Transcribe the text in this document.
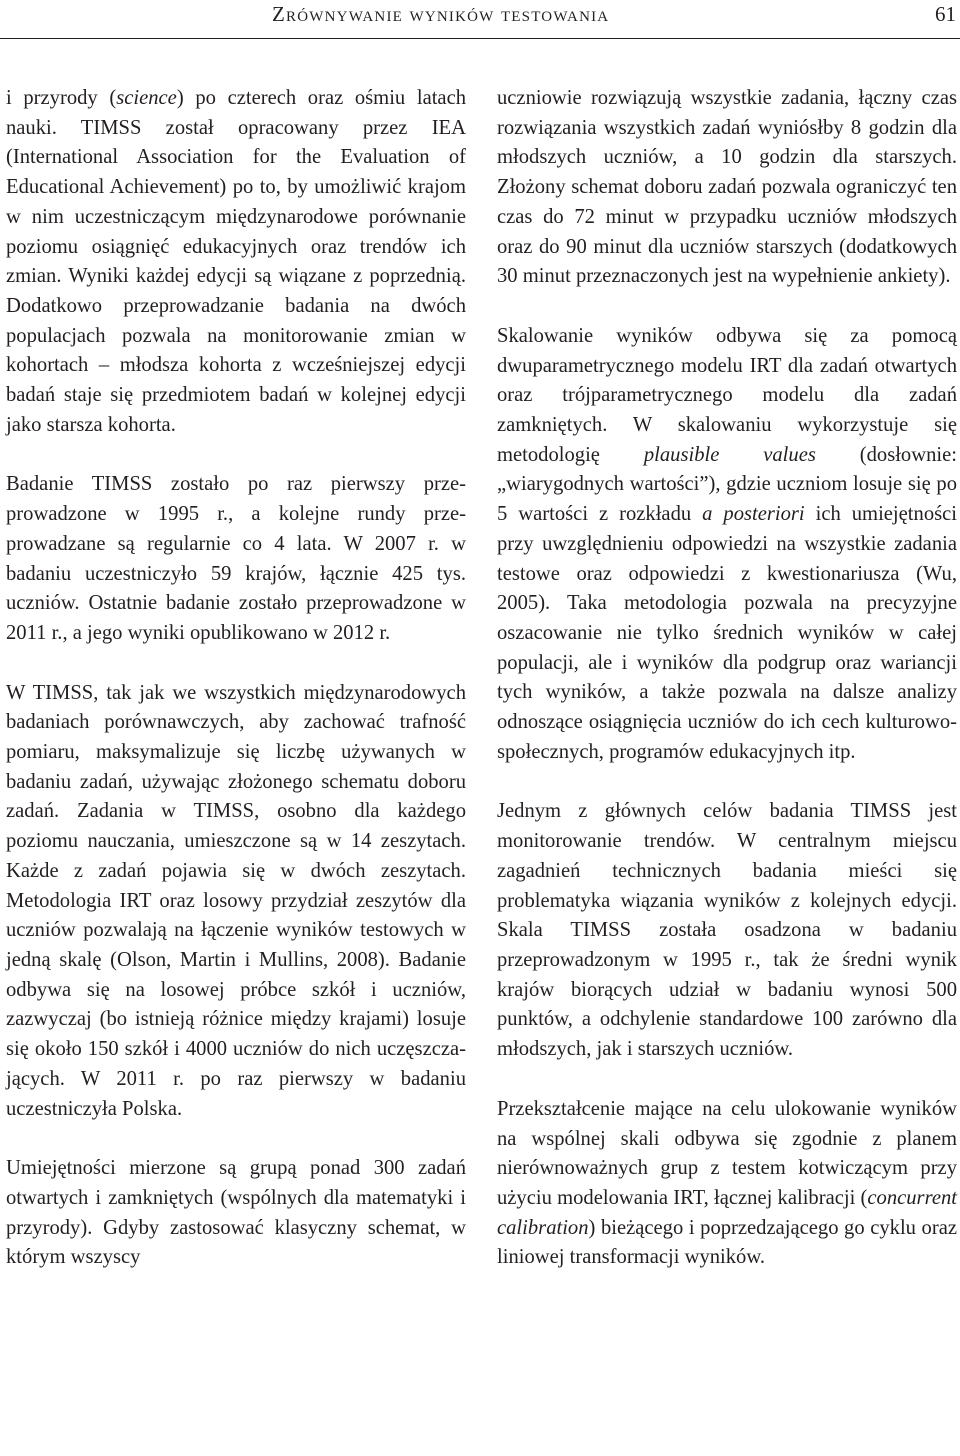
Zrównywanie wyników testowania	61

i przyrody (science) po czterech oraz ośmiu latach nauki. TIMSS został opracowany przez IEA (International Association for the Evaluation of Educational Achievement) po to, by umożliwić krajom w nim uczestniczącym międzynarodowe porównanie poziomu osiągnięć edukacyjnych oraz trendów ich zmian. Wyniki każdej edycji są wiązane z poprzednią. Dodatkowo przeprowadzanie badania na dwóch populacjach pozwala na monitorowanie zmian w kohortach – młodsza kohorta z wcześniejszej edycji badań staje się przedmiotem badań w kolejnej edycji jako starsza kohorta.

Badanie TIMSS zostało po raz pierwszy przeprowadzone w 1995 r., a kolejne rundy przeprowadzane są regularnie co 4 lata. W 2007 r. w badaniu uczestniczyło 59 krajów, łącznie 425 tys. uczniów. Ostatnie badanie zostało przeprowadzone w 2011 r., a jego wyniki opublikowano w 2012 r.

W TIMSS, tak jak we wszystkich międzynarodowych badaniach porównawczych, aby zachować trafność pomiaru, maksymalizuje się liczbę używanych w badaniu zadań, używając złożonego schematu doboru zadań. Zadania w TIMSS, osobno dla każdego poziomu nauczania, umieszczone są w 14 zeszytach. Każde z zadań pojawia się w dwóch zeszytach. Metodologia IRT oraz losowy przydział zeszytów dla uczniów pozwalają na łączenie wyników testowych w jedną skalę (Olson, Martin i Mullins, 2008). Badanie odbywa się na losowej próbce szkół i uczniów, zazwyczaj (bo istnieją różnice między krajami) losuje się około 150 szkół i 4000 uczniów do nich uczęszczających. W 2011 r. po raz pierwszy w badaniu uczestniczyła Polska.

Umiejętności mierzone są grupą ponad 300 zadań otwartych i zamkniętych (wspólnych dla matematyki i przyrody). Gdyby zastosować klasyczny schemat, w którym wszyscy

uczniowie rozwiązują wszystkie zadania, łączny czas rozwiązania wszystkich zadań wyniósłby 8 godzin dla młodszych uczniów, a 10 godzin dla starszych. Złożony schemat doboru zadań pozwala ograniczyć ten czas do 72 minut w przypadku uczniów młodszych oraz do 90 minut dla uczniów starszych (dodatkowych 30 minut przeznaczonych jest na wypełnienie ankiety).

Skalowanie wyników odbywa się za pomocą dwuparametrycznego modelu IRT dla zadań otwartych oraz trójparametrycznego modelu dla zadań zamkniętych. W skalowaniu wykorzystuje się metodologię plausible values (dosłownie: „wiarygodnych wartości”), gdzie uczniom losuje się po 5 wartości z rozkładu a posteriori ich umiejętności przy uwzględnieniu odpowiedzi na wszystkie zadania testowe oraz odpowiedzi z kwestionariusza (Wu, 2005). Taka metodologia pozwala na precyzyjne oszacowanie nie tylko średnich wyników w całej populacji, ale i wyników dla podgrup oraz wariancji tych wyników, a także pozwala na dalsze analizy odnoszące osiągnięcia uczniów do ich cech kulturowo-społecznych, programów edukacyjnych itp.

Jednym z głównych celów badania TIMSS jest monitorowanie trendów. W centralnym miejscu zagadnień technicznych badania mieści się problematyka wiązania wyników z kolejnych edycji. Skala TIMSS została osadzona w badaniu przeprowadzonym w 1995 r., tak że średni wynik krajów biorących udział w badaniu wynosi 500 punktów, a odchylenie standardowe 100 zarówno dla młodszych, jak i starszych uczniów.

Przekształcenie mające na celu ulokowanie wyników na wspólnej skali odbywa się zgodnie z planem nierównoważnych grup z testem kotwiczącym przy użyciu modelowania IRT, łącznej kalibracji (concurrent calibration) bieżącego i poprzedzającego go cyklu oraz liniowej transformacji wyników.
